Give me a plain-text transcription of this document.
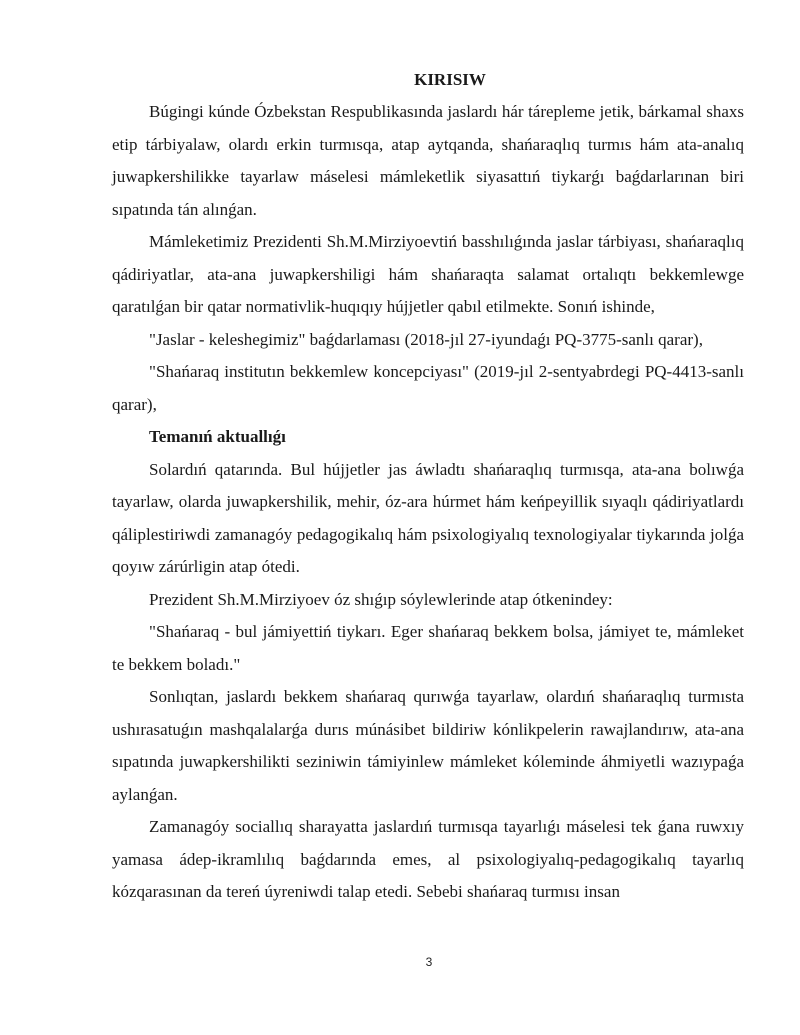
KIRISIW

Búgingi kúnde Ózbekstan Respublikasında jaslardı hár tárepleme jetik, bárkamal shaxs etip tárbiyalaw, olardı erkin turmısqa, atap aytqanda, shańaraqlıq turmıs hám ata-analıq juwapkershilikke tayarlaw máselesi mámleketlik siyasattıń tiykarǵı baǵdarlarınan biri sıpatında tán alınǵan.

Mámleketimiz Prezidenti Sh.M.Mirziyoevtiń basshılıǵında jaslar tárbiyası, shańaraqlıq qádiriyatlar, ata-ana juwapkershiligi hám shańaraqta salamat ortalıqtı bekkemlewge qaratılǵan bir qatar normativlik-huqıqıy hújjetler qabıl etilmekte. Sonıń ishinde,

"Jaslar - keleshegimiz" baǵdarlaması (2018-jıl 27-iyundaǵı PQ-3775-sanlı qarar),

"Shańaraq institutın bekkemlew koncepciyası" (2019-jıl 2-sentyabrdegi PQ-4413-sanlı qarar),

Temanıń aktuallıǵı

Solardıń qatarında. Bul hújjetler jas áwladtı shańaraqlıq turmısqa, ata-ana bolıwǵa tayarlaw, olarda juwapkershilik, mehir, óz-ara húrmet hám keńpeyillik sıyaqlı qádiriyatlardı qáliplestiriwdi zamanagóy pedagogikalıq hám psixologiyalıq texnologiyalar tiykarında jolǵa qoyıw zárúrligin atap ótedi.

Prezident Sh.M.Mirziyoev óz shıǵıp sóylewlerinde atap ótkenindey:

"Shańaraq - bul jámiyettiń tiykarı. Eger shańaraq bekkem bolsa, jámiyet te, mámleket te bekkem boladı."

Sonlıqtan, jaslardı bekkem shańaraq qurıwǵa tayarlaw, olardıń shańaraqlıq turmısta ushırasatuǵın mashqalalarǵa durıs múnásibet bildiriw kónlikpelerin rawajlandırıw, ata-ana sıpatında juwapkershilikti seziniwin támiyinlew mámleket kóleminde áhmiyetli wazıypaǵa aylanǵan.

Zamanagóy sociallıq sharayatta jaslardıń turmısqa tayarlıǵı máselesi tek ǵana ruwxıy yamasa ádep-ikramlılıq baǵdarında emes, al psixologiyalıq-pedagogikalıq tayarlıq kózqarasınan da tereń úyreniwdi talap etedi. Sebebi shańaraq turmısı insan

3
